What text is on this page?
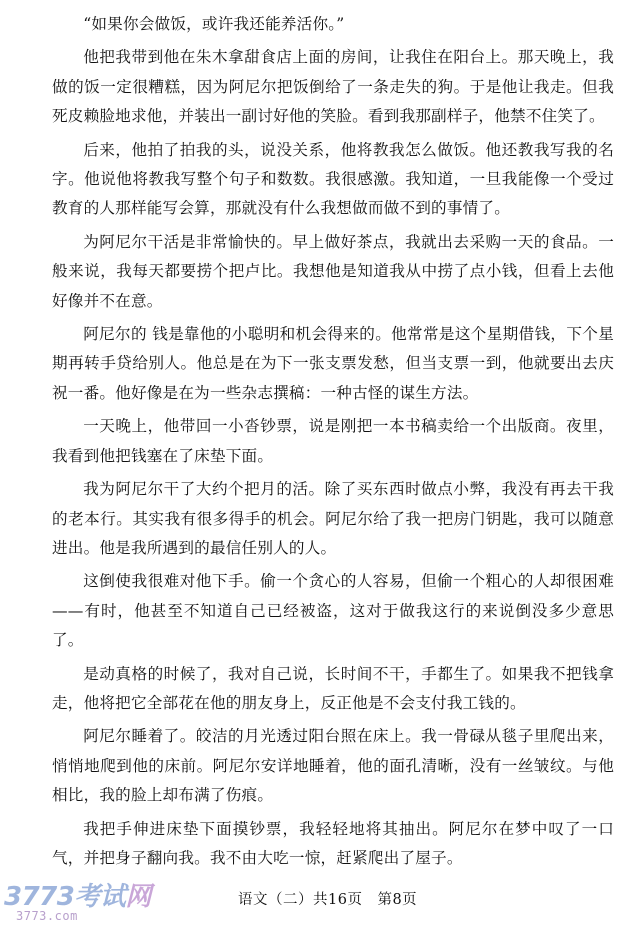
“如果你会做饭，或许我还能养活你。”

他把我带到他在朱木拿甜食店上面的房间，让我住在阳台上。那天晚上，我做的饭一定很糟糕，因为阿尼尔把饭倒给了一条走失的狗。于是他让我走。但我死皮赖脸地求他，并装出一副讨好他的笑脸。看到我那副样子，他禁不住笑了。

后来，他拍了拍我的头，说没关系，他将教我怎么做饭。他还教我写我的名字。他说他将教我写整个句子和数数。我很感激。我知道，一旦我能像一个受过教育的人那样能写会算，那就没有什么我想做而做不到的事情了。

为阿尼尔干活是非常愉快的。早上做好茶点，我就出去采购一天的食品。一般来说，我每天都要捞个把卢比。我想他是知道我从中捞了点小钱，但看上去他好像并不在意。

阿尼尔的 钱是靠他的小聪明和机会得来的。他常常是这个星期借钱，下个星期再转手贷给别人。他总是在为下一张支票发愁，但当支票一到，他就要出去庆祝一番。他好像是在为一些杂志撰稿：一种古怪的谋生方法。

一天晚上，他带回一小沓钞票，说是刚把一本书稿卖给一个出版商。夜里，我看到他把钱塞在了床垫下面。

我为阿尼尔干了大约个把月的活。除了买东西时做点小弊，我没有再去干我的老本行。其实我有很多得手的机会。阿尼尔给了我一把房门钥匙，我可以随意进出。他是我所遇到的最信任别人的人。

这倒使我很难对他下手。偷一个贪心的人容易，但偷一个粗心的人却很困难——有时，他甚至不知道自己已经被盗，这对于做我这行的来说倒没多少意思了。

是动真格的时候了，我对自己说，长时间不干，手都生了。如果我不把钱拿走，他将把它全部花在他的朋友身上，反正他是不会支付我工钱的。

阿尼尔睡着了。皎洁的月光透过阳台照在床上。我一骨碌从毯子里爬出来，悄悄地爬到他的床前。阿尼尔安详地睡着，他的面孔清晰，没有一丝皱纹。与他相比，我的脸上却布满了伤痕。

我把手伸进床垫下面摸钞票，我轻轻地将其抽出。阿尼尔在梦中叹了一口气，并把身子翻向我。我不由大吃一惊，赶紧爬出了屋子。

3773考试网
3773.com
语文（二）共16页　第8页
